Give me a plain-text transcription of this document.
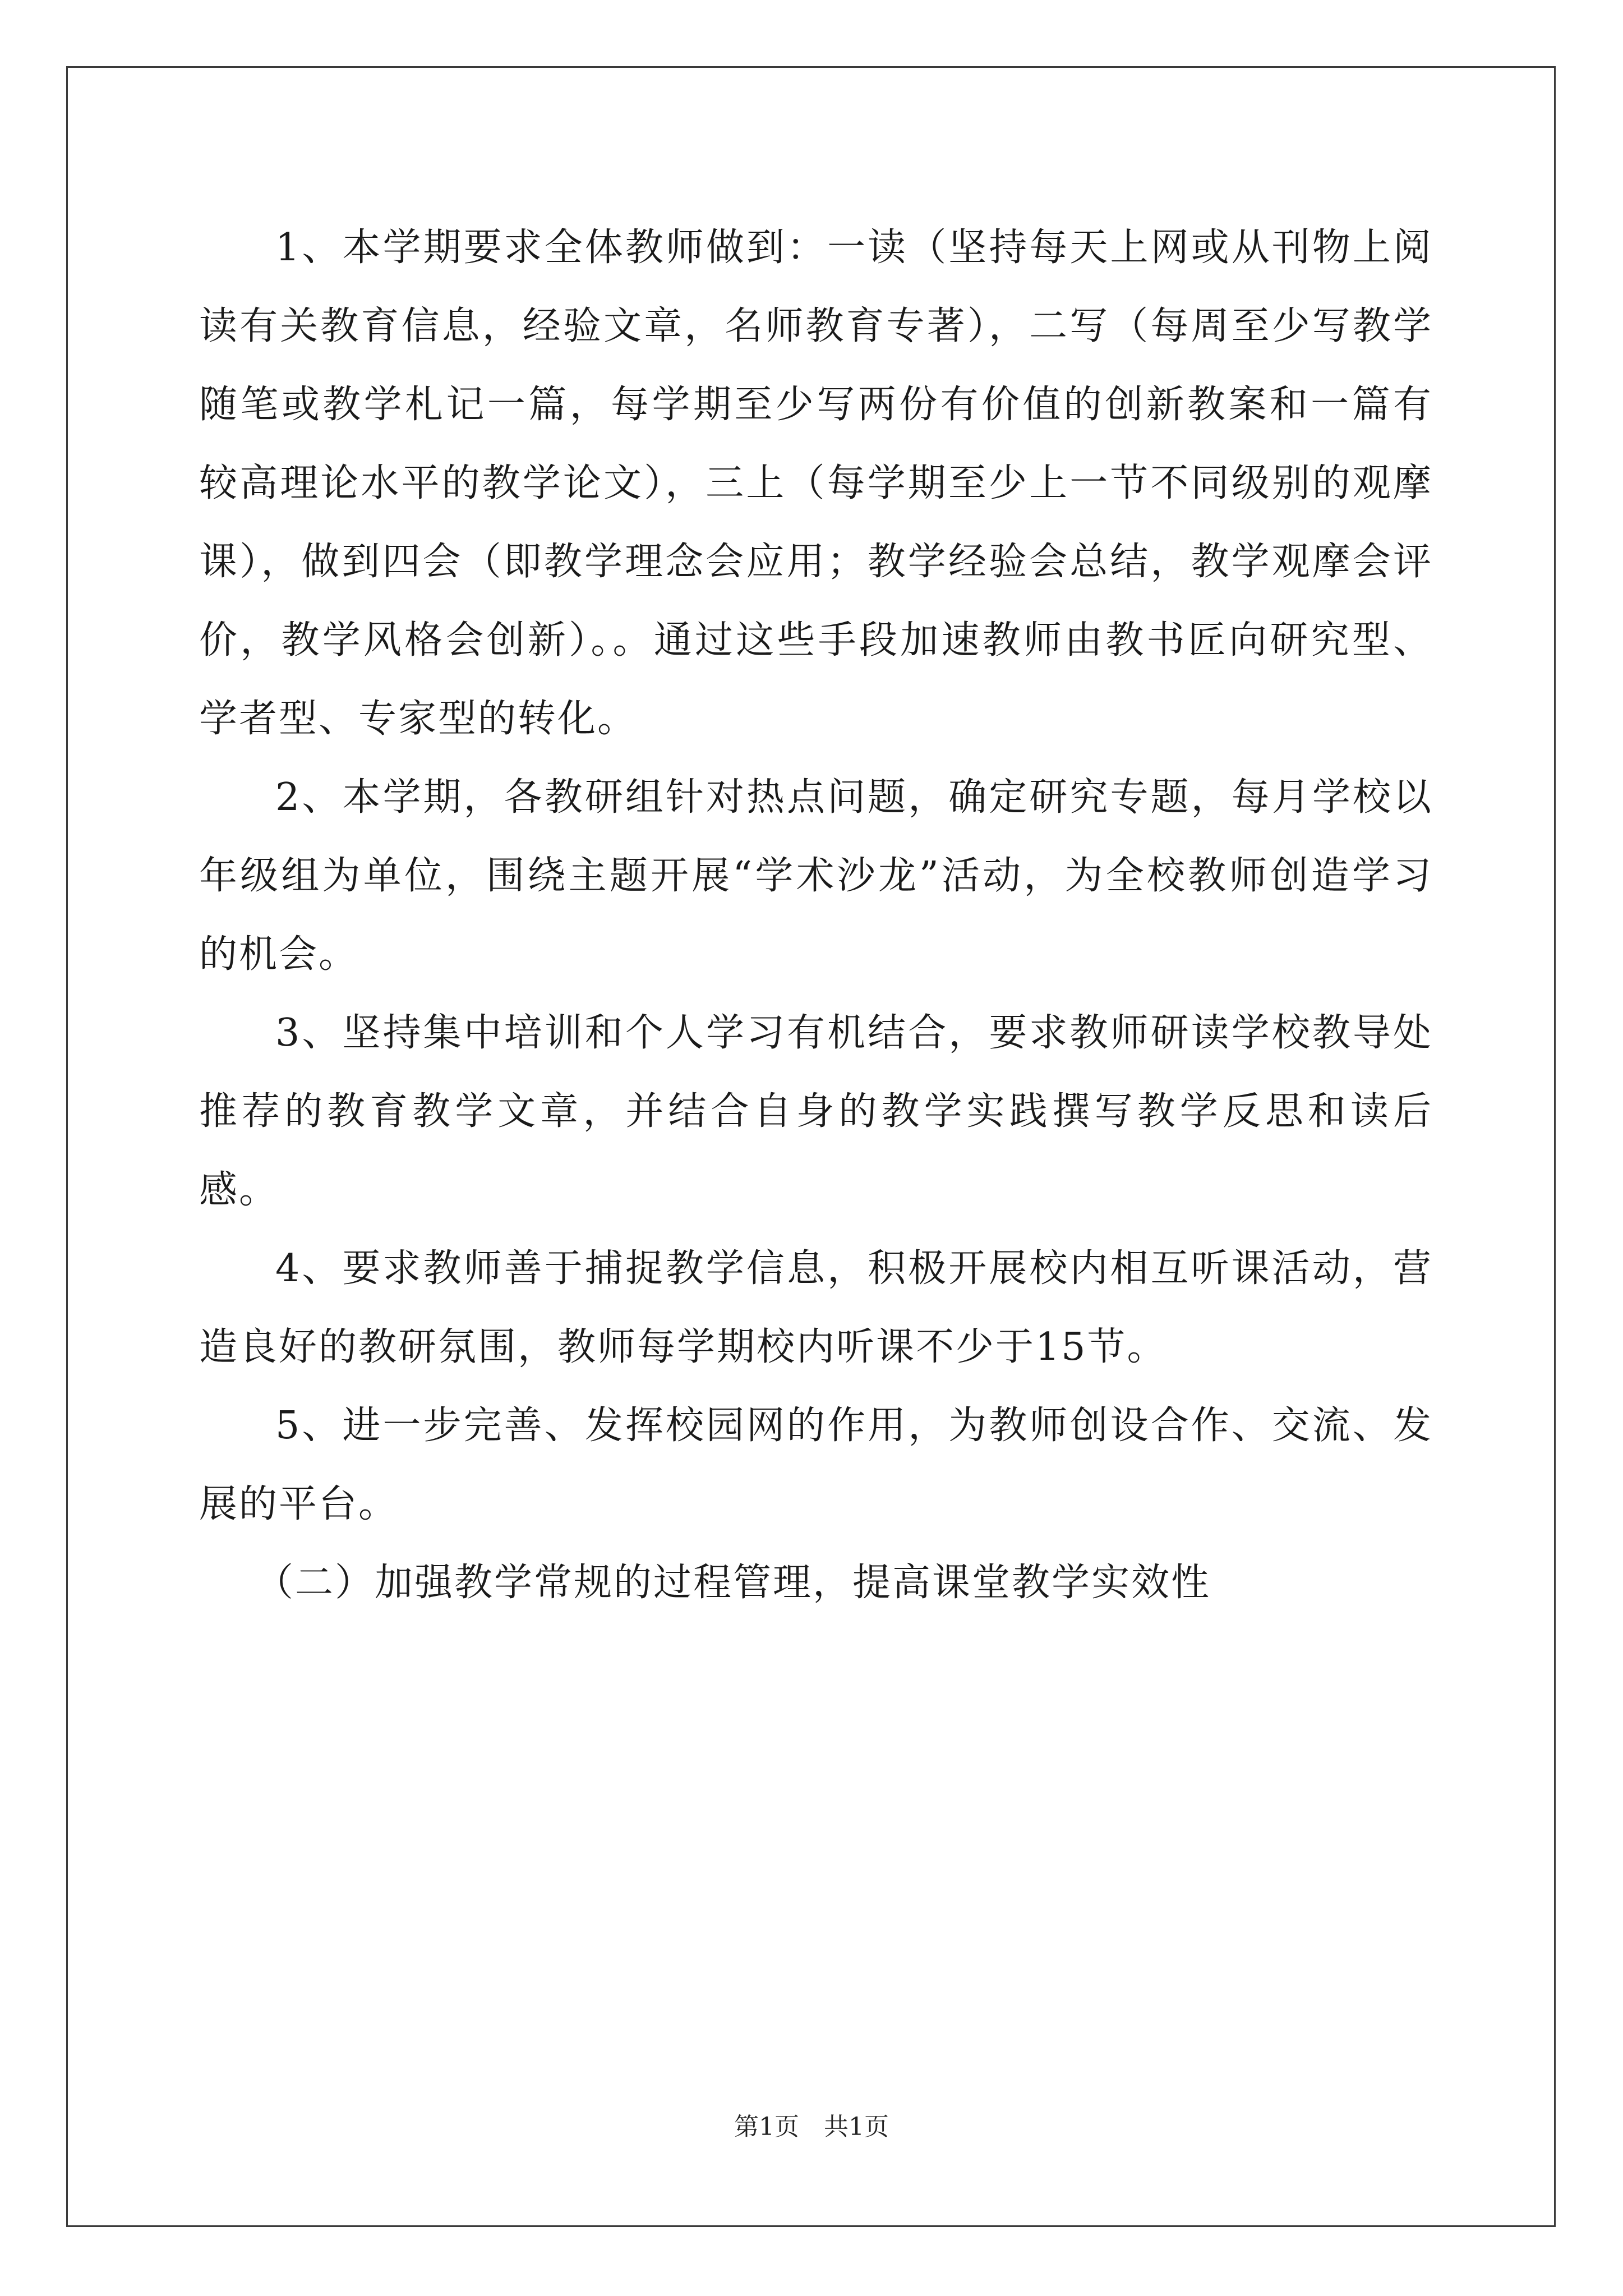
1、本学期要求全体教师做到：一读（坚持每天上网或从刊物上阅读有关教育信息，经验文章，名师教育专著），二写（每周至少写教学随笔或教学札记一篇，每学期至少写两份有价值的创新教案和一篇有较高理论水平的教学论文），三上（每学期至少上一节不同级别的观摩课），做到四会（即教学理念会应用；教学经验会总结，教学观摩会评价，教学风格会创新）。。通过这些手段加速教师由教书匠向研究型、学者型、专家型的转化。

2、本学期，各教研组针对热点问题，确定研究专题，每月学校以年级组为单位，围绕主题开展“学术沙龙”活动，为全校教师创造学习的机会。

3、坚持集中培训和个人学习有机结合，要求教师研读学校教导处推荐的教育教学文章，并结合自身的教学实践撰写教学反思和读后感。

4、要求教师善于捕捉教学信息，积极开展校内相互听课活动，营造良好的教研氛围，教师每学期校内听课不少于15节。

5、进一步完善、发挥校园网的作用，为教师创设合作、交流、发展的平台。

（二）加强教学常规的过程管理，提高课堂教学实效性

第1页 共1页
